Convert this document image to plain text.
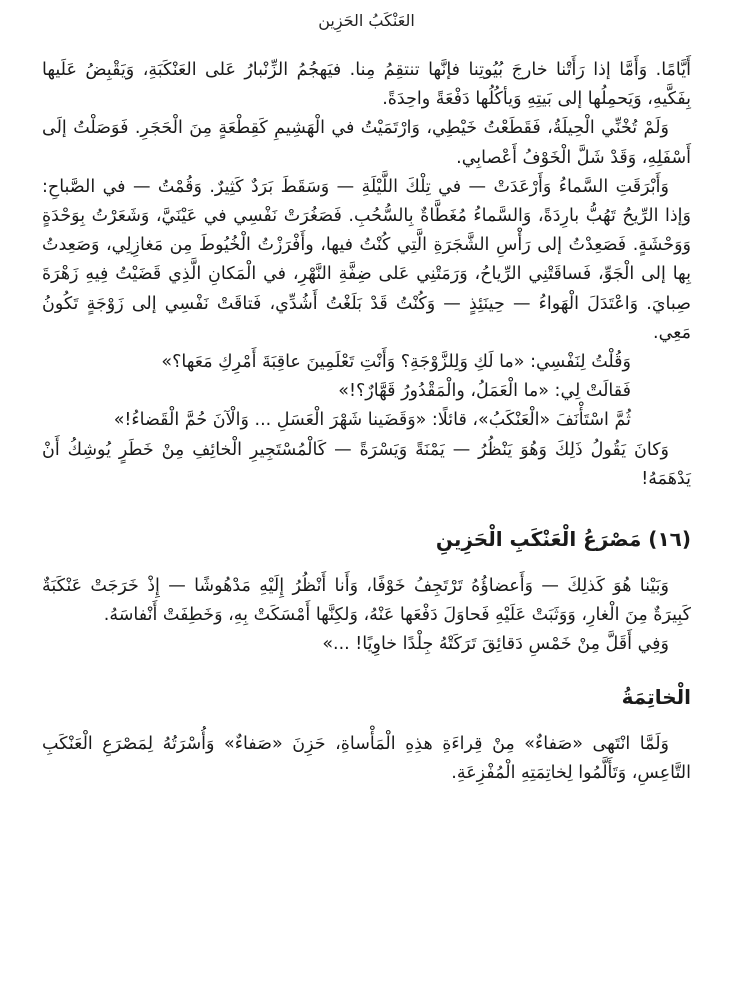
العَنْكَبُ الحَزِين

أَيَّامًا. وَأَمَّا إذا رَأَتْنا خارجَ بُيُوتِنا فإنَّها تنتقِمُ مِنا. فيَهجُمُ الزِّنْبارُ عَلى العَنْكَبَةِ، وَيَقْبِضُ عَلَيها بِفَكَّيهِ، وَيَحمِلُها إلى بَيتِهِ وَيأكُلُها دَفْعَةً واحِدَةً.

وَلَمْ تُخْنِّي الْحِيلَةُ، فَقَطَعْتُ خَيْطِي، وَارْتَمَيْتُ في الْهَشِيمِ كَقِطْعَةٍ مِنَ الْحَجَرِ. فَوَصَلْتُ إلَى أَسْفَلِهِ، وَقَدْ شَلَّ الْخَوْفُ أَعْصابِي.

وَأَبْرَقَتِ السَّماءُ وَأَرْعَدَتْ — في تِلْكَ اللَّيْلَةِ — وَسَقَطَ بَرَدٌ كَثِيرٌ. وَقُمْتُ — في الصَّباحِ: وَإذا الرِّيحُ تَهُبُّ بارِدَةً، وَالسَّماءُ مُغَطَّاةٌ بِالسُّحُبِ. فَصَغُرَتْ نَفْسِي في عَيْنَيَّ، وَشَعَرْتُ بِوَحْدَةٍ وَوَحْشَةٍ. فَصَعِدْتُ إلى رَأْسِ الشَّجَرَةِ الَّتِي كُنْتُ فيها، وأَفْرَزْتُ الْخُيُوطَ مِن مَغازِلِي، وَصَعِدتُ بِها إلى الْجَوِّ، فَساقَتْنِي الرِّياحُ، وَرَمَتْنِي عَلى ضِفَّةِ النَّهْرِ، في الْمَكانِ الَّذِي قَضَيْتُ فِيهِ زَهْرَةَ صِبايَ. وَاعْتَدَلَ الْهَواءُ — حِينَئِذٍ — وَكُنْتُ قَدْ بَلَغْتُ أَشُدِّي، فَتاقَتْ نَفْسِي إلى زَوْجَةٍ تَكُونُ مَعِي.

وَقُلْتُ لِنَفْسِي: «ما لَكِ وَلِلزَّوْجَةِ؟ وَأَنْتِ تَعْلَمِينَ عاقِبَةَ أَمْرِكِ مَعَها؟»

فَقالَتْ لِي: «ما الْعَمَلُ، والْمَقْدُورُ قَهَّارٌ؟!»

ثُمَّ اسْتَأْنَفَ «الْعَنْكَبُ»، قائلًا: «وَقَضَينا شَهْرَ الْعَسَلِ ... وَالْآنَ حُمَّ الْقَضاءُ!»

وَكانَ يَقُولُ ذَلِكَ وَهُوَ يَنْظُرُ — يَمْنَةً وَيَسْرَةً — كَالْمُسْتَجِيرِ الْخائِفِ مِنْ خَطَرٍ يُوشِكُ أَنْ يَدْهَمَهُ!

(١٦) مَصْرَعُ الْعَنْكَبِ الْحَزِينِ

وَبَيْنا هُوَ كَذلِكَ — وَأَعضاؤُهُ تَرْتَجِفُ خَوْفًا، وَأَنا أَنْظُرُ إِلَيْهِ مَدْهُوشًا — إِذْ خَرَجَتْ عَنْكَبَةٌ كَبِيرَةٌ مِنَ الْغارِ، وَوَثَبَتْ عَلَيْهِ فَحاوَلَ دَفْعَها عَنْهُ، وَلكِنَّها أَمْسَكَتْ بِهِ، وَخَطِفَتْ أَنْفاسَهُ.

وَفِي أَقَلَّ مِنْ خَمْسِ دَقائِقَ تَرَكَتْهُ جِلْدًا خاوِيًا! ...»

الْخاتِمَةُ

وَلَمَّا انْتَهى «صَفاءٌ» مِنْ قِراءَةِ هذِهِ الْمَأْساةِ، حَزِنَ «صَفاءٌ» وَأُسْرَتُهُ لِمَصْرَعِ الْعَنْكَبِ التَّاعِسِ، وَتَأَلَّمُوا لِخاتِمَتِهِ الْمُفْزِعَةِ.
